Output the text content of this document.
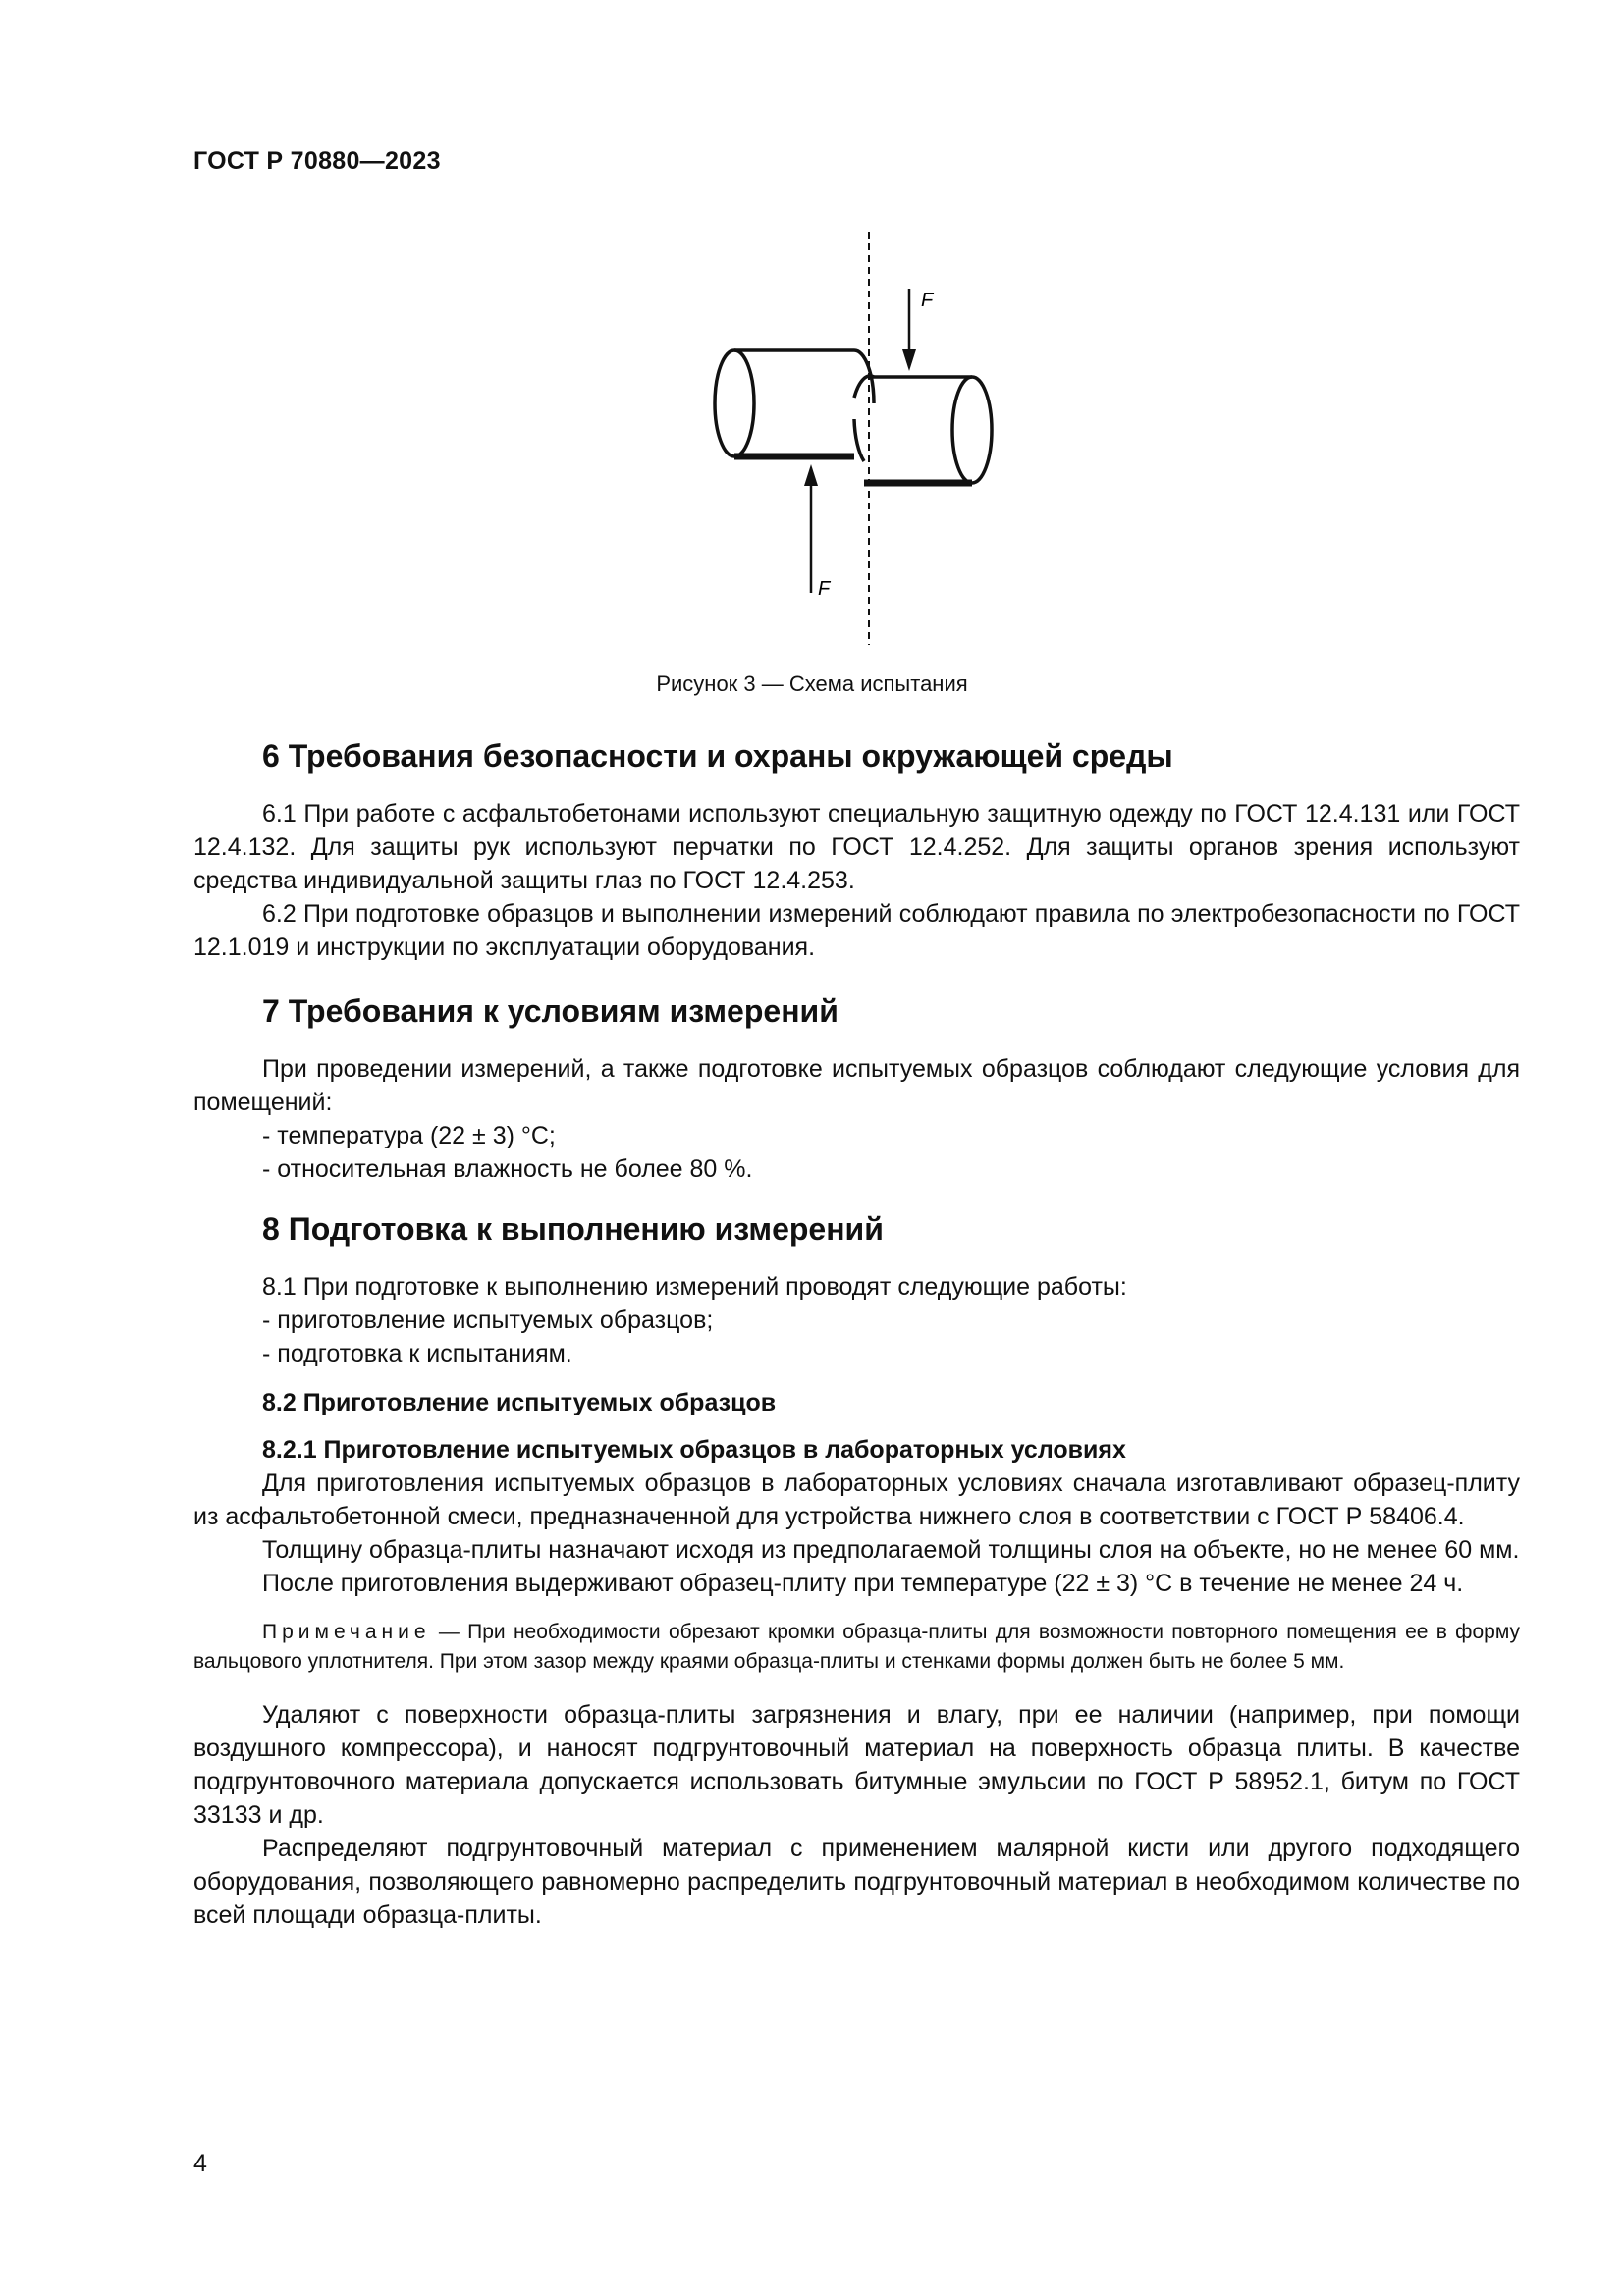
ГОСТ Р 70880—2023
F
F
Рисунок 3 — Схема испытания
6 Требования безопасности и охраны окружающей среды

6.1 При работе с асфальтобетонами используют специальную защитную одежду по ГОСТ 12.4.131 или ГОСТ 12.4.132. Для защиты рук используют перчатки по ГОСТ 12.4.252. Для защиты органов зрения используют средства индивидуальной защиты глаз по ГОСТ 12.4.253.

6.2 При подготовке образцов и выполнении измерений соблюдают правила по электробезопасности по ГОСТ 12.1.019 и инструкции по эксплуатации оборудования.

7 Требования к условиям измерений

При проведении измерений, а также подготовке испытуемых образцов соблюдают следующие условия для помещений:

- температура (22 ± 3) °С;
- относительная влажность не более 80 %.
8 Подготовка к выполнению измерений

8.1 При подготовке к выполнению измерений проводят следующие работы:

- приготовление испытуемых образцов;
- подготовка к испытаниям.
8.2 Приготовление испытуемых образцов
8.2.1 Приготовление испытуемых образцов в лабораторных условиях

Для приготовления испытуемых образцов в лабораторных условиях сначала изготавливают образец-плиту из асфальтобетонной смеси, предназначенной для устройства нижнего слоя в соответствии с ГОСТ Р 58406.4.

Толщину образца-плиты назначают исходя из предполагаемой толщины слоя на объекте, но не менее 60 мм.

После приготовления выдерживают образец-плиту при температуре (22 ± 3) °С в течение не менее 24 ч.

Примечание — При необходимости обрезают кромки образца-плиты для возможности повторного помещения ее в форму вальцового уплотнителя. При этом зазор между краями образца-плиты и стенками формы должен быть не более 5 мм.

Удаляют с поверхности образца-плиты загрязнения и влагу, при ее наличии (например, при помощи воздушного компрессора), и наносят подгрунтовочный материал на поверхность образца плиты. В качестве подгрунтовочного материала допускается использовать битумные эмульсии по ГОСТ Р 58952.1, битум по ГОСТ 33133 и др.

Распределяют подгрунтовочный материал с применением малярной кисти или другого подходящего оборудования, позволяющего равномерно распределить подгрунтовочный материал в необходимом количестве по всей площади образца-плиты.

4
